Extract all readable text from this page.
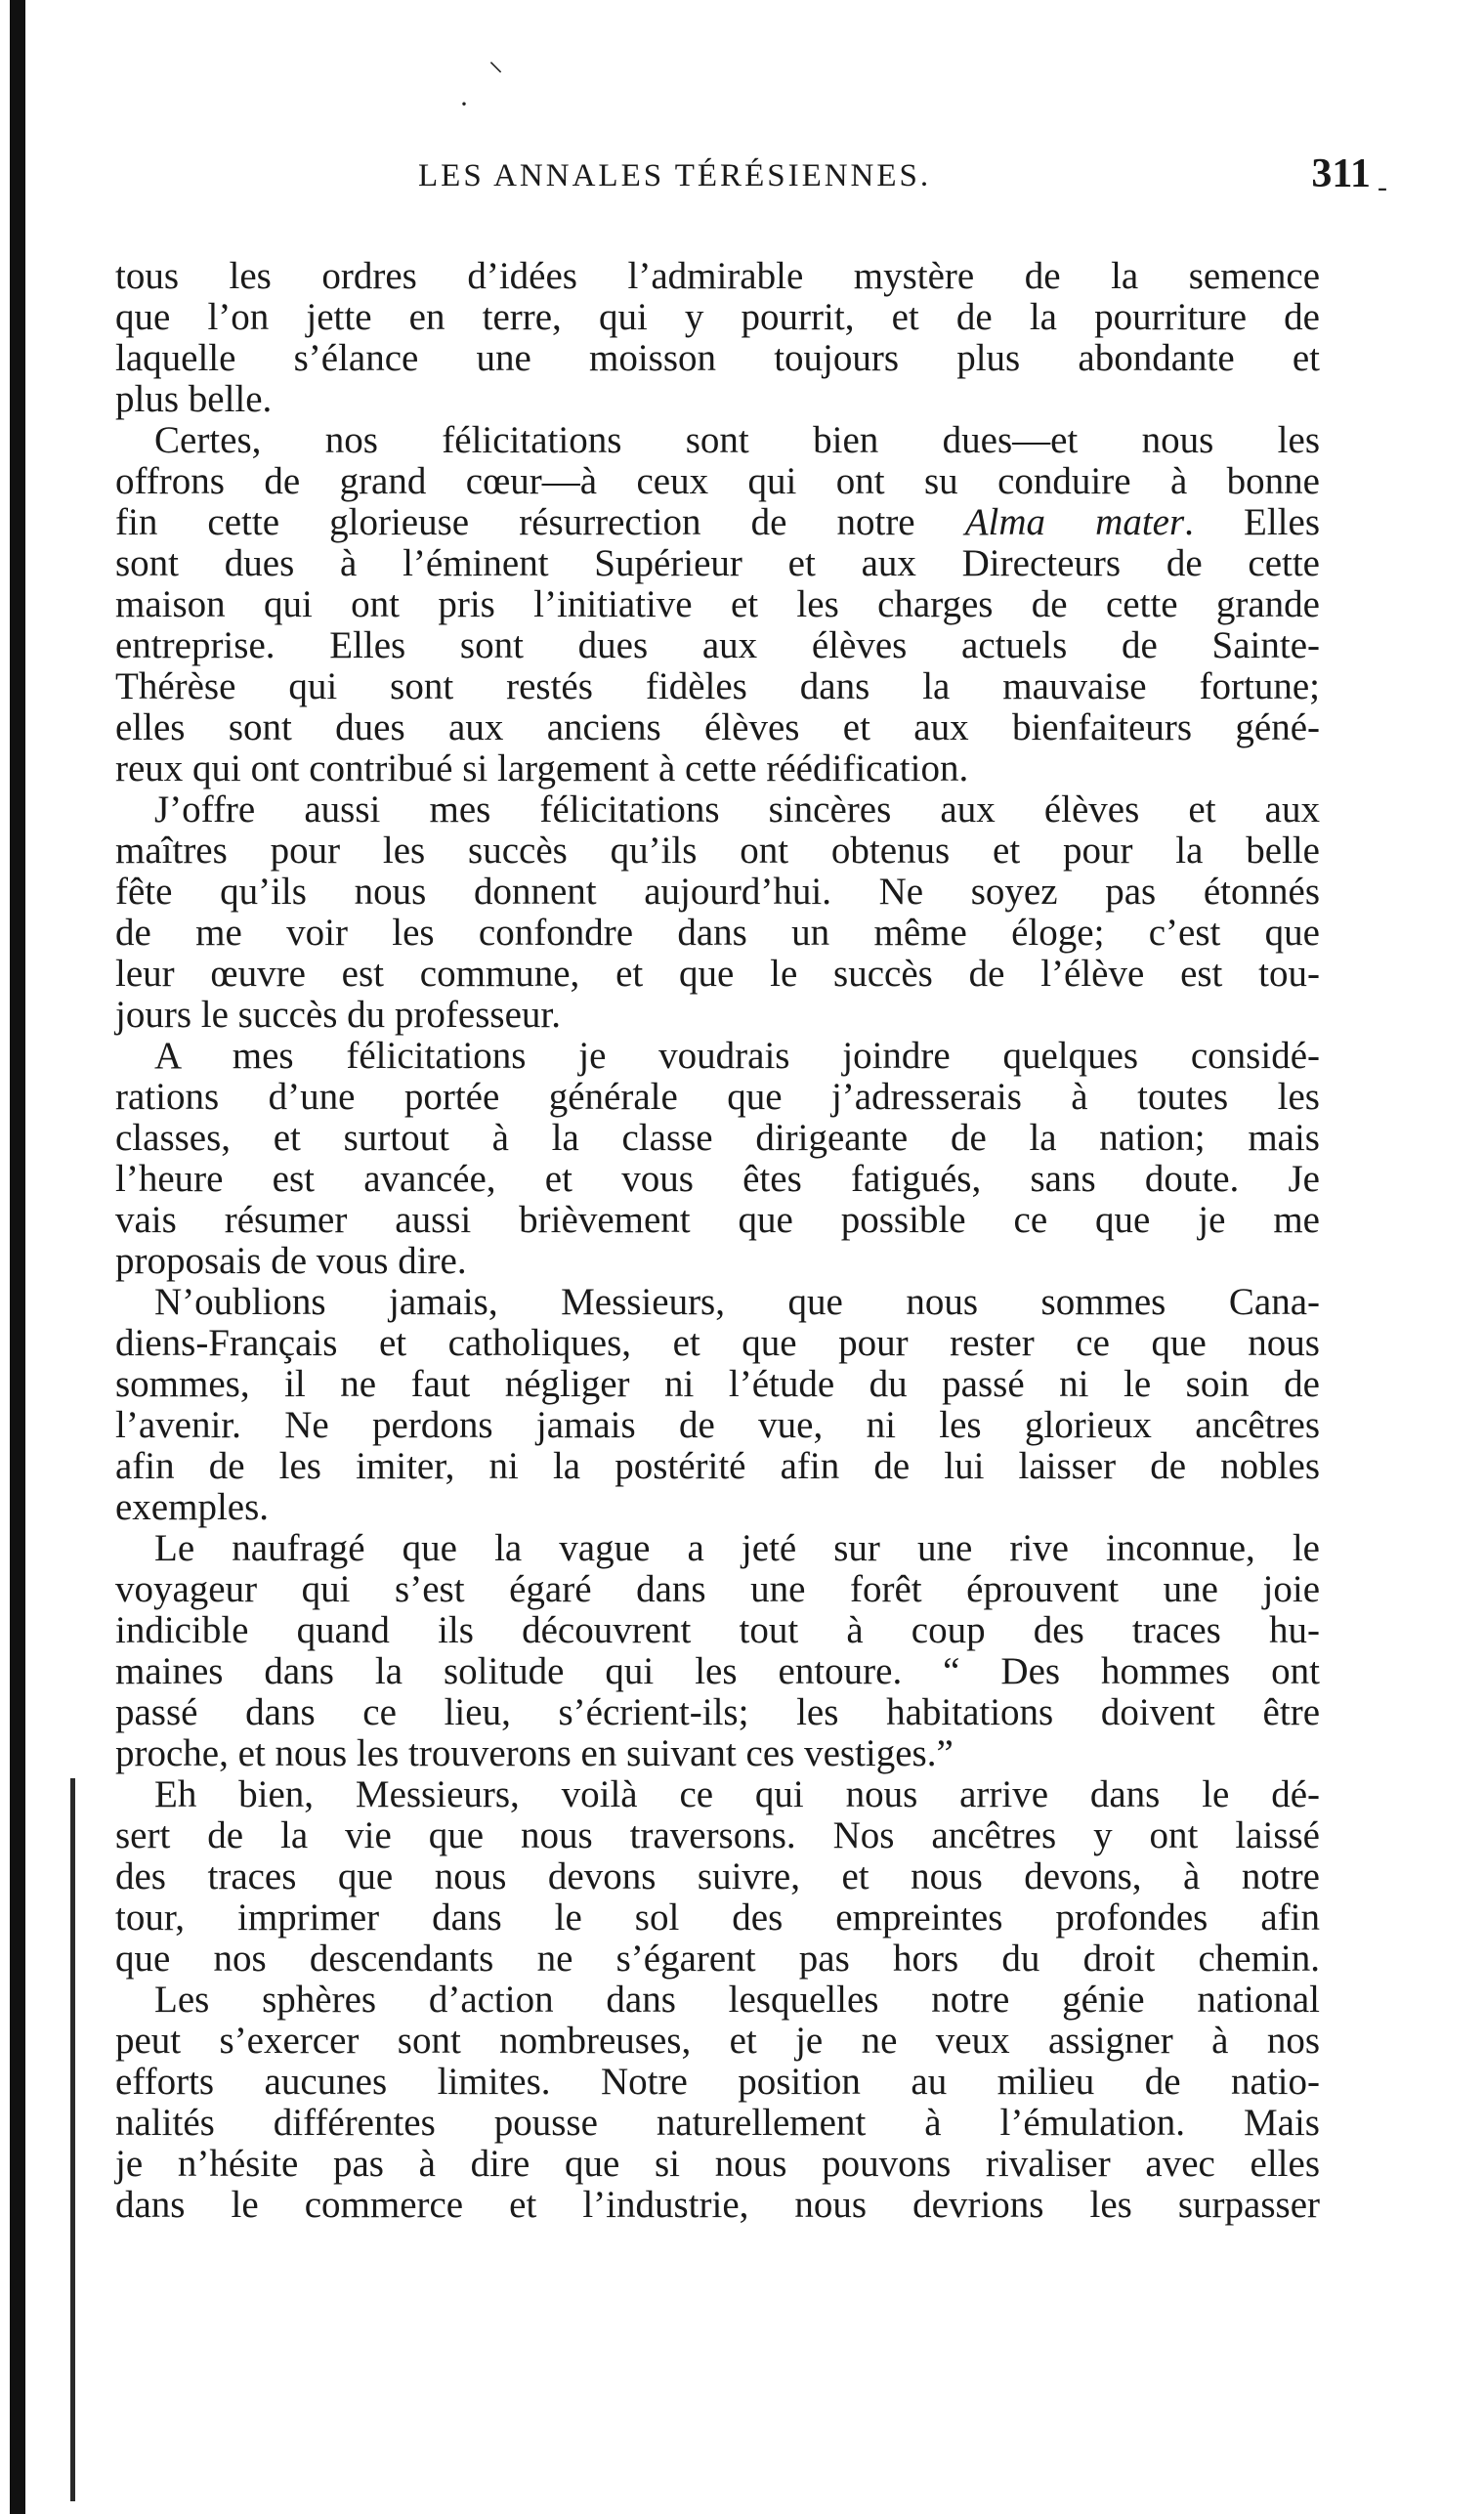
⸜
·
-
LES ANNALES TÉRÉSIENNES.	311
tous les ordres d’idées l’admirable mystère de la semence
que l’on jette en terre, qui y pourrit, et de la pourriture de
laquelle s’élance une moisson toujours plus abondante et
plus belle.
Certes, nos félicitations sont bien dues—et nous les
offrons de grand cœur—à ceux qui ont su conduire à bonne
fin cette glorieuse résurrection de notre Alma mater. Elles
sont dues à l’éminent Supérieur et aux Directeurs de cette
maison qui ont pris l’initiative et les charges de cette grande
entreprise. Elles sont dues aux élèves actuels de Sainte-
Thérèse qui sont restés fidèles dans la mauvaise fortune;
elles sont dues aux anciens élèves et aux bienfaiteurs géné-
reux qui ont contribué si largement à cette réédification.
J’offre aussi mes félicitations sincères aux élèves et aux
maîtres pour les succès qu’ils ont obtenus et pour la belle
fête qu’ils nous donnent aujourd’hui. Ne soyez pas étonnés
de me voir les confondre dans un même éloge; c’est que
leur œuvre est commune, et que le succès de l’élève est tou-
jours le succès du professeur.
A mes félicitations je voudrais joindre quelques considé-
rations d’une portée générale que j’adresserais à toutes les
classes, et surtout à la classe dirigeante de la nation; mais
l’heure est avancée, et vous êtes fatigués, sans doute. Je
vais résumer aussi brièvement que possible ce que je me
proposais de vous dire.
N’oublions jamais, Messieurs, que nous sommes Cana-
diens-Français et catholiques, et que pour rester ce que nous
sommes, il ne faut négliger ni l’étude du passé ni le soin de
l’avenir. Ne perdons jamais de vue, ni les glorieux ancêtres
afin de les imiter, ni la postérité afin de lui laisser de nobles
exemples.
Le naufragé que la vague a jeté sur une rive inconnue, le
voyageur qui s’est égaré dans une forêt éprouvent une joie
indicible quand ils découvrent tout à coup des traces hu-
maines dans la solitude qui les entoure. “ Des hommes ont
passé dans ce lieu, s’écrient-ils; les habitations doivent être
proche, et nous les trouverons en suivant ces vestiges.”
Eh bien, Messieurs, voilà ce qui nous arrive dans le dé-
sert de la vie que nous traversons. Nos ancêtres y ont laissé
des traces que nous devons suivre, et nous devons, à notre
tour, imprimer dans le sol des empreintes profondes afin
que nos descendants ne s’égarent pas hors du droit chemin.
Les sphères d’action dans lesquelles notre génie national
peut s’exercer sont nombreuses, et je ne veux assigner à nos
efforts aucunes limites. Notre position au milieu de natio-
nalités différentes pousse naturellement à l’émulation. Mais
je n’hésite pas à dire que si nous pouvons rivaliser avec elles
dans le commerce et l’industrie, nous devrions les surpasser
